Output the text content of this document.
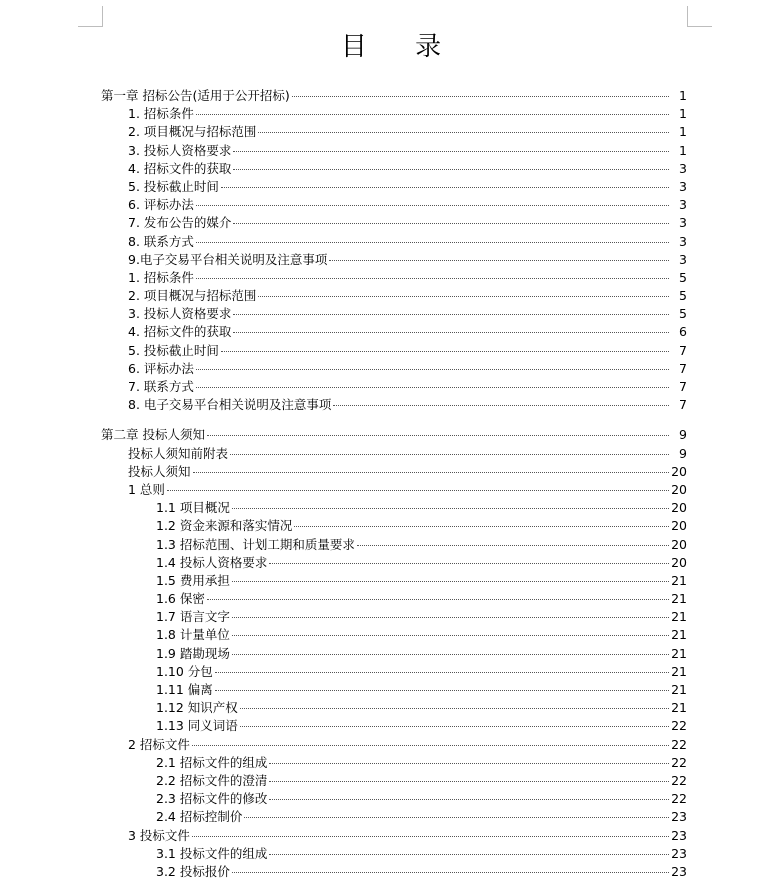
目 录
第一章 招标公告(适用于公开招标)	1
1. 招标条件	1
2. 项目概况与招标范围	1
3. 投标人资格要求	1
4. 招标文件的获取	3
5. 投标截止时间	3
6. 评标办法	3
7. 发布公告的媒介	3
8. 联系方式	3
9.电子交易平台相关说明及注意事项	3
1. 招标条件	5
2. 项目概况与招标范围	5
3. 投标人资格要求	5
4. 招标文件的获取	6
5. 投标截止时间	7
6. 评标办法	7
7. 联系方式	7
8. 电子交易平台相关说明及注意事项	7
第二章 投标人须知	9
投标人须知前附表	9
投标人须知	20
1 总则	20
1.1 项目概况	20
1.2 资金来源和落实情况	20
1.3 招标范围、计划工期和质量要求	20
1.4 投标人资格要求	20
1.5 费用承担	21
1.6 保密	21
1.7 语言文字	21
1.8 计量单位	21
1.9 踏勘现场	21
1.10 分包	21
1.11 偏离	21
1.12 知识产权	21
1.13 同义词语	22
2 招标文件	22
2.1 招标文件的组成	22
2.2 招标文件的澄清	22
2.3 招标文件的修改	22
2.4 招标控制价	23
3 投标文件	23
3.1 投标文件的组成	23
3.2 投标报价	23
